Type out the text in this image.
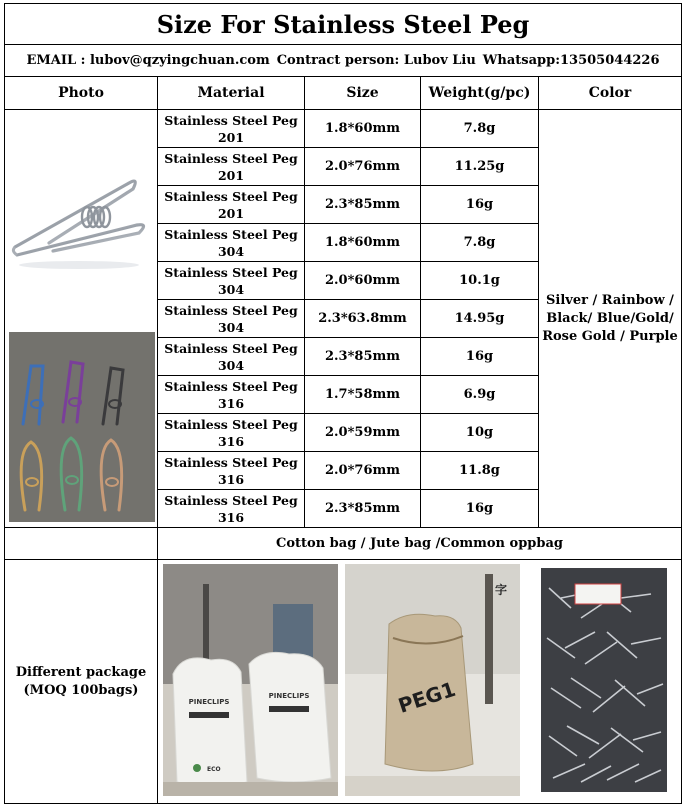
Size For Stainless Steel Peg
EMAIL : lubov@qzyingchuan.com Contract person: Lubov Liu Whatsapp:13505044226
Photo	Material	Size	Weight(g/pc)	Color
Stainless Steel Peg
201
1.8*60mm	7.8g
Stainless Steel Peg
201
2.0*76mm	11.25g
Stainless Steel Peg
201
2.3*85mm	16g
Stainless Steel Peg
304
1.8*60mm	7.8g
Stainless Steel Peg
304
2.0*60mm	10.1g
Stainless Steel Peg
304
2.3*63.8mm	14.95g
Stainless Steel Peg
304
2.3*85mm	16g
Stainless Steel Peg
316
1.7*58mm	6.9g
Stainless Steel Peg
316
2.0*59mm	10g
Stainless Steel Peg
316
2.0*76mm	11.8g
Stainless Steel Peg
316
2.3*85mm	16g
Silver / Rainbow /
Black/ Blue/Gold/
Rose Gold / Purple
Cotton bag / Jute bag /Common oppbag
Different package
(MOQ 100bags)
PINECLIPS
PINECLIPS
ECO
字
PEG1
